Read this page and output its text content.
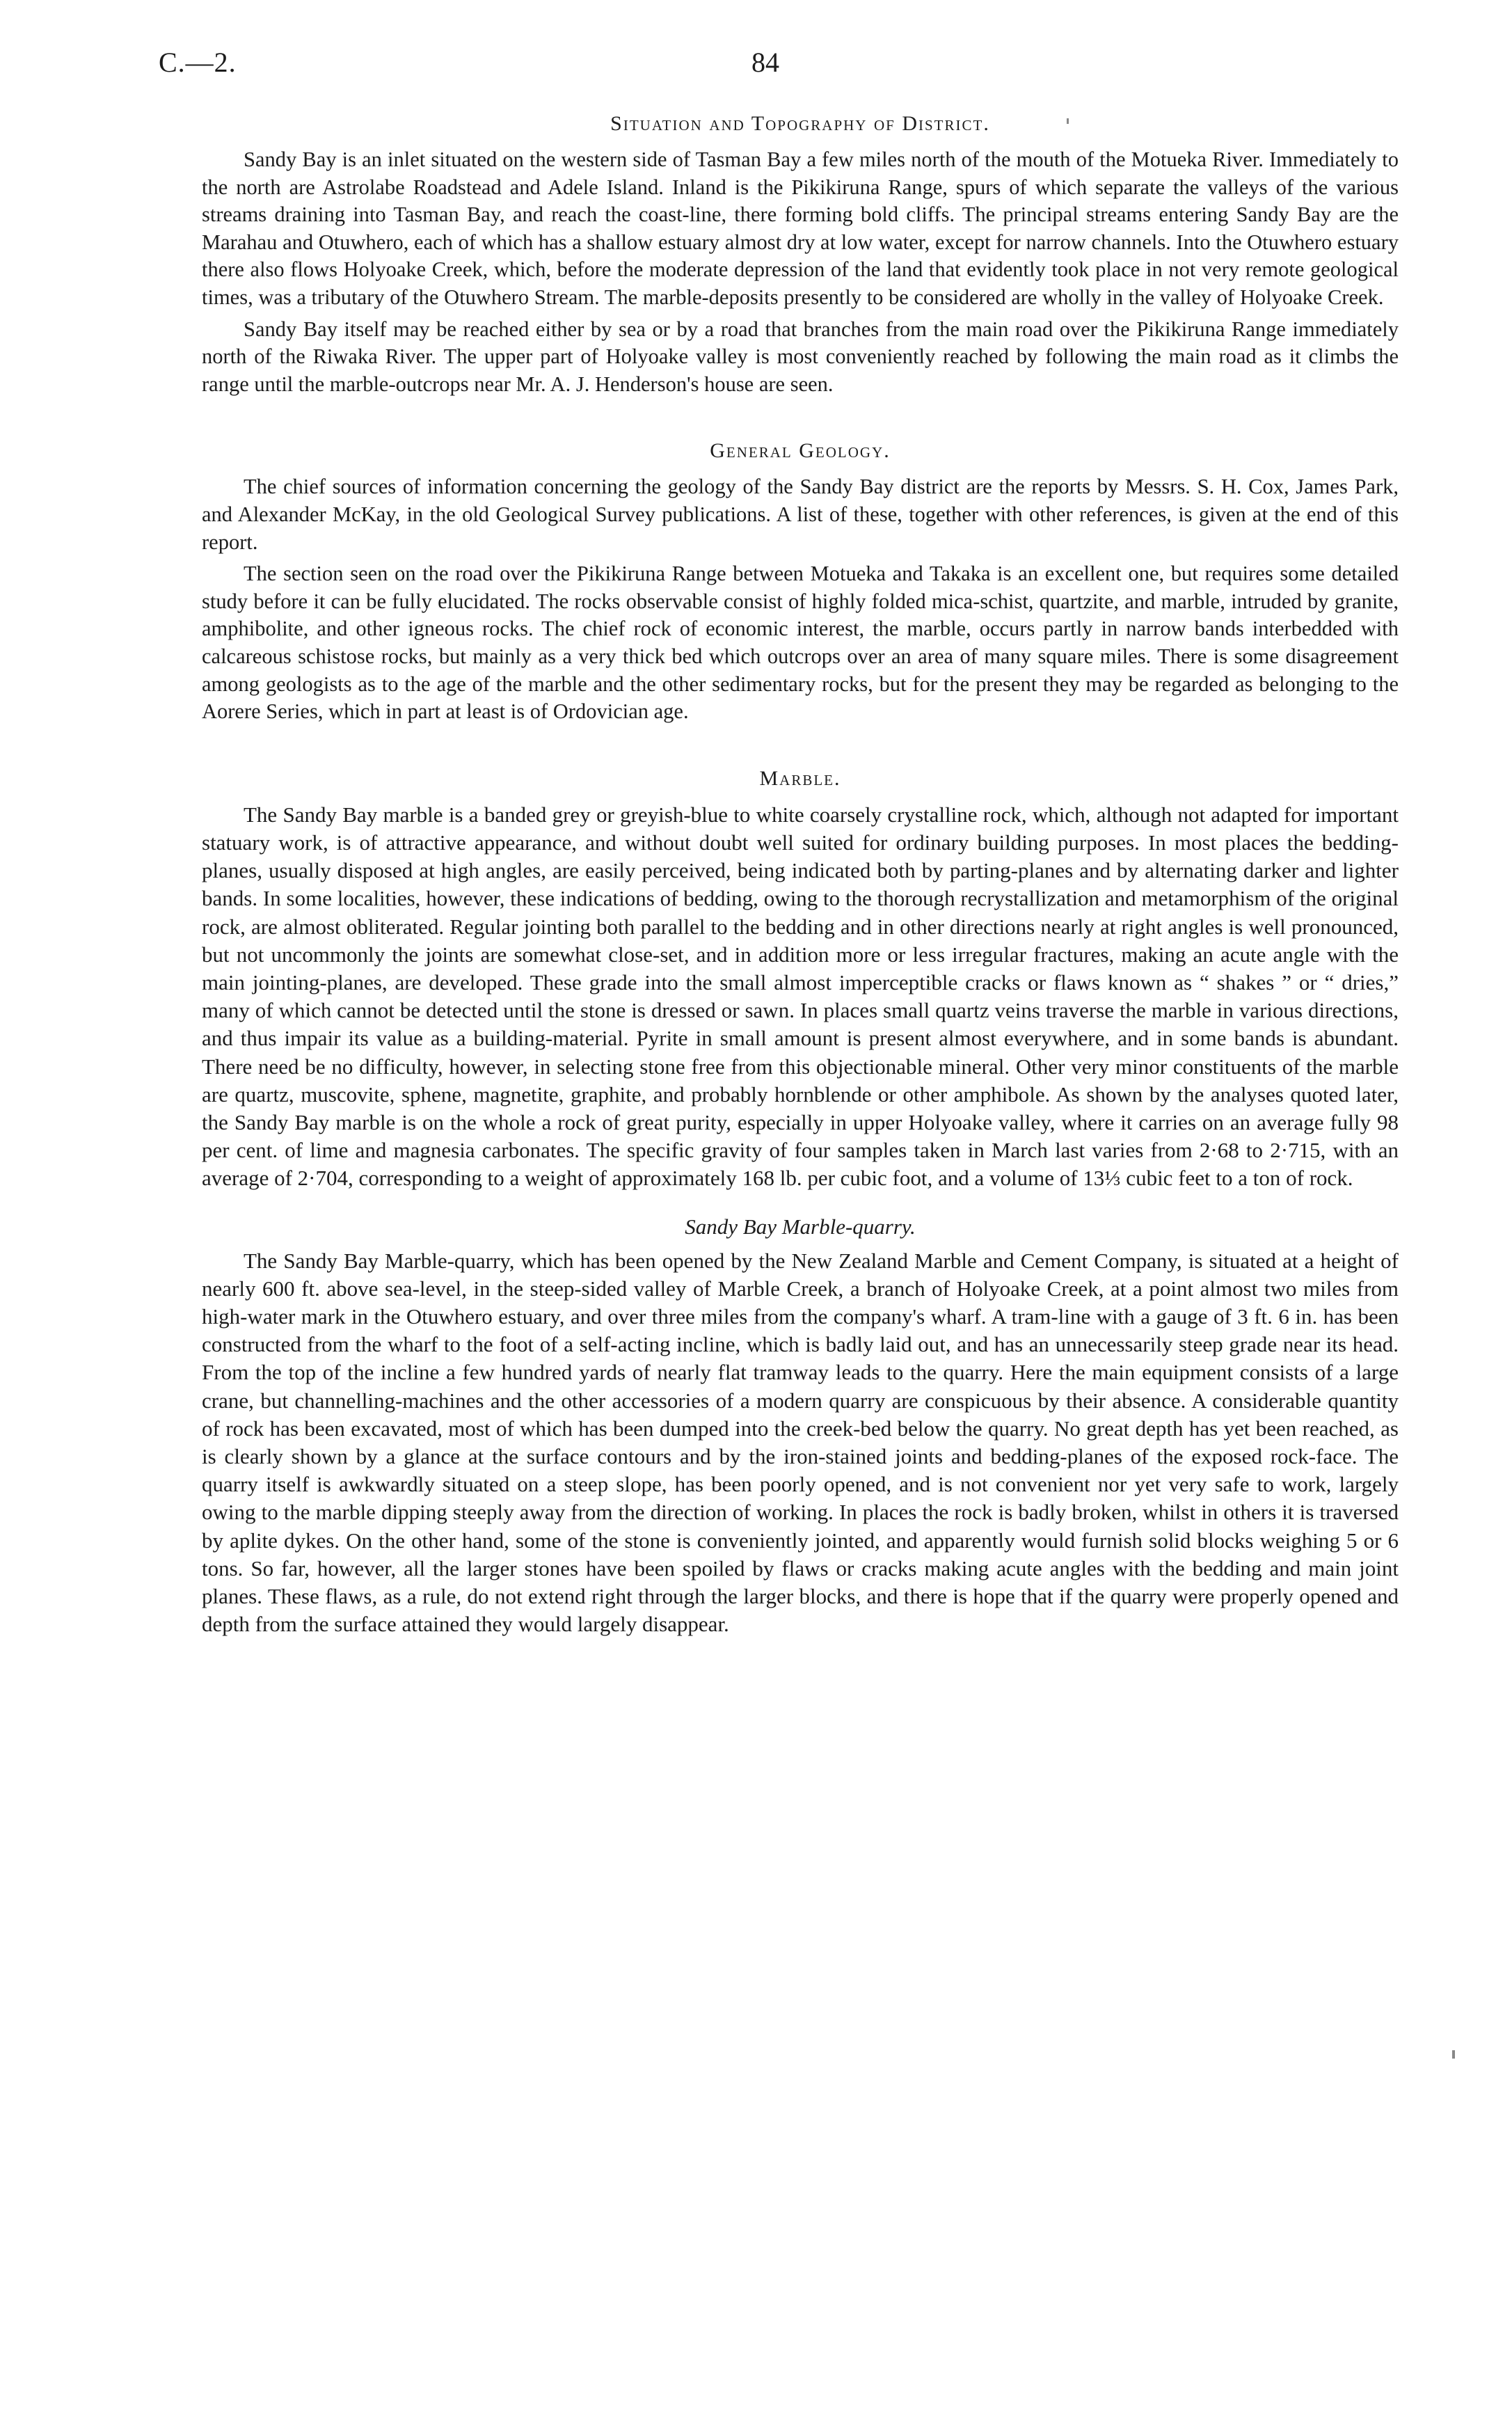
C.—2.	84
Situation and Topography of District.

Sandy Bay is an inlet situated on the western side of Tasman Bay a few miles north of the mouth of the Motueka River. Immediately to the north are Astrolabe Roadstead and Adele Island. Inland is the Pikikiruna Range, spurs of which separate the valleys of the various streams draining into Tasman Bay, and reach the coast-line, there forming bold cliffs. The principal streams entering Sandy Bay are the Marahau and Otuwhero, each of which has a shallow estuary almost dry at low water, except for narrow channels. Into the Otuwhero estuary there also flows Holyoake Creek, which, before the moderate depression of the land that evidently took place in not very remote geological times, was a tributary of the Otuwhero Stream. The marble-deposits presently to be considered are wholly in the valley of Holyoake Creek.

Sandy Bay itself may be reached either by sea or by a road that branches from the main road over the Pikikiruna Range immediately north of the Riwaka River. The upper part of Holyoake valley is most conveniently reached by following the main road as it climbs the range until the marble-outcrops near Mr. A. J. Henderson's house are seen.

General Geology.

The chief sources of information concerning the geology of the Sandy Bay district are the reports by Messrs. S. H. Cox, James Park, and Alexander McKay, in the old Geological Survey publications. A list of these, together with other references, is given at the end of this report.

The section seen on the road over the Pikikiruna Range between Motueka and Takaka is an excellent one, but requires some detailed study before it can be fully elucidated. The rocks observable consist of highly folded mica-schist, quartzite, and marble, intruded by granite, amphibolite, and other igneous rocks. The chief rock of economic interest, the marble, occurs partly in narrow bands interbedded with calcareous schistose rocks, but mainly as a very thick bed which outcrops over an area of many square miles. There is some disagreement among geologists as to the age of the marble and the other sedimentary rocks, but for the present they may be regarded as belonging to the Aorere Series, which in part at least is of Ordovician age.

Marble.

The Sandy Bay marble is a banded grey or greyish-blue to white coarsely crystalline rock, which, although not adapted for important statuary work, is of attractive appearance, and without doubt well suited for ordinary building purposes. In most places the bedding-planes, usually disposed at high angles, are easily perceived, being indicated both by parting-planes and by alternating darker and lighter bands. In some localities, however, these indications of bedding, owing to the thorough recrystallization and metamorphism of the original rock, are almost obliterated. Regular jointing both parallel to the bedding and in other directions nearly at right angles is well pronounced, but not uncommonly the joints are somewhat close-set, and in addition more or less irregular fractures, making an acute angle with the main jointing-planes, are developed. These grade into the small almost imperceptible cracks or flaws known as “ shakes ” or “ dries,” many of which cannot be detected until the stone is dressed or sawn. In places small quartz veins traverse the marble in various directions, and thus impair its value as a building-material. Pyrite in small amount is present almost everywhere, and in some bands is abundant. There need be no difficulty, however, in selecting stone free from this objectionable mineral. Other very minor constituents of the marble are quartz, muscovite, sphene, magnetite, graphite, and probably hornblende or other amphibole. As shown by the analyses quoted later, the Sandy Bay marble is on the whole a rock of great purity, especially in upper Holyoake valley, where it carries on an average fully 98 per cent. of lime and magnesia carbonates. The specific gravity of four samples taken in March last varies from 2·68 to 2·715, with an average of 2·704, corresponding to a weight of approximately 168 lb. per cubic foot, and a volume of 13⅓ cubic feet to a ton of rock.

Sandy Bay Marble-quarry.

The Sandy Bay Marble-quarry, which has been opened by the New Zealand Marble and Cement Company, is situated at a height of nearly 600 ft. above sea-level, in the steep-sided valley of Marble Creek, a branch of Holyoake Creek, at a point almost two miles from high-water mark in the Otuwhero estuary, and over three miles from the company's wharf. A tram-line with a gauge of 3 ft. 6 in. has been constructed from the wharf to the foot of a self-acting incline, which is badly laid out, and has an unnecessarily steep grade near its head. From the top of the incline a few hundred yards of nearly flat tramway leads to the quarry. Here the main equipment consists of a large crane, but channelling-machines and the other accessories of a modern quarry are conspicuous by their absence. A considerable quantity of rock has been excavated, most of which has been dumped into the creek-bed below the quarry. No great depth has yet been reached, as is clearly shown by a glance at the surface contours and by the iron-stained joints and bedding-planes of the exposed rock-face. The quarry itself is awkwardly situated on a steep slope, has been poorly opened, and is not convenient nor yet very safe to work, largely owing to the marble dipping steeply away from the direction of working. In places the rock is badly broken, whilst in others it is traversed by aplite dykes. On the other hand, some of the stone is conveniently jointed, and apparently would furnish solid blocks weighing 5 or 6 tons. So far, however, all the larger stones have been spoiled by flaws or cracks making acute angles with the bedding and main joint planes. These flaws, as a rule, do not extend right through the larger blocks, and there is hope that if the quarry were properly opened and depth from the surface attained they would largely disappear.
